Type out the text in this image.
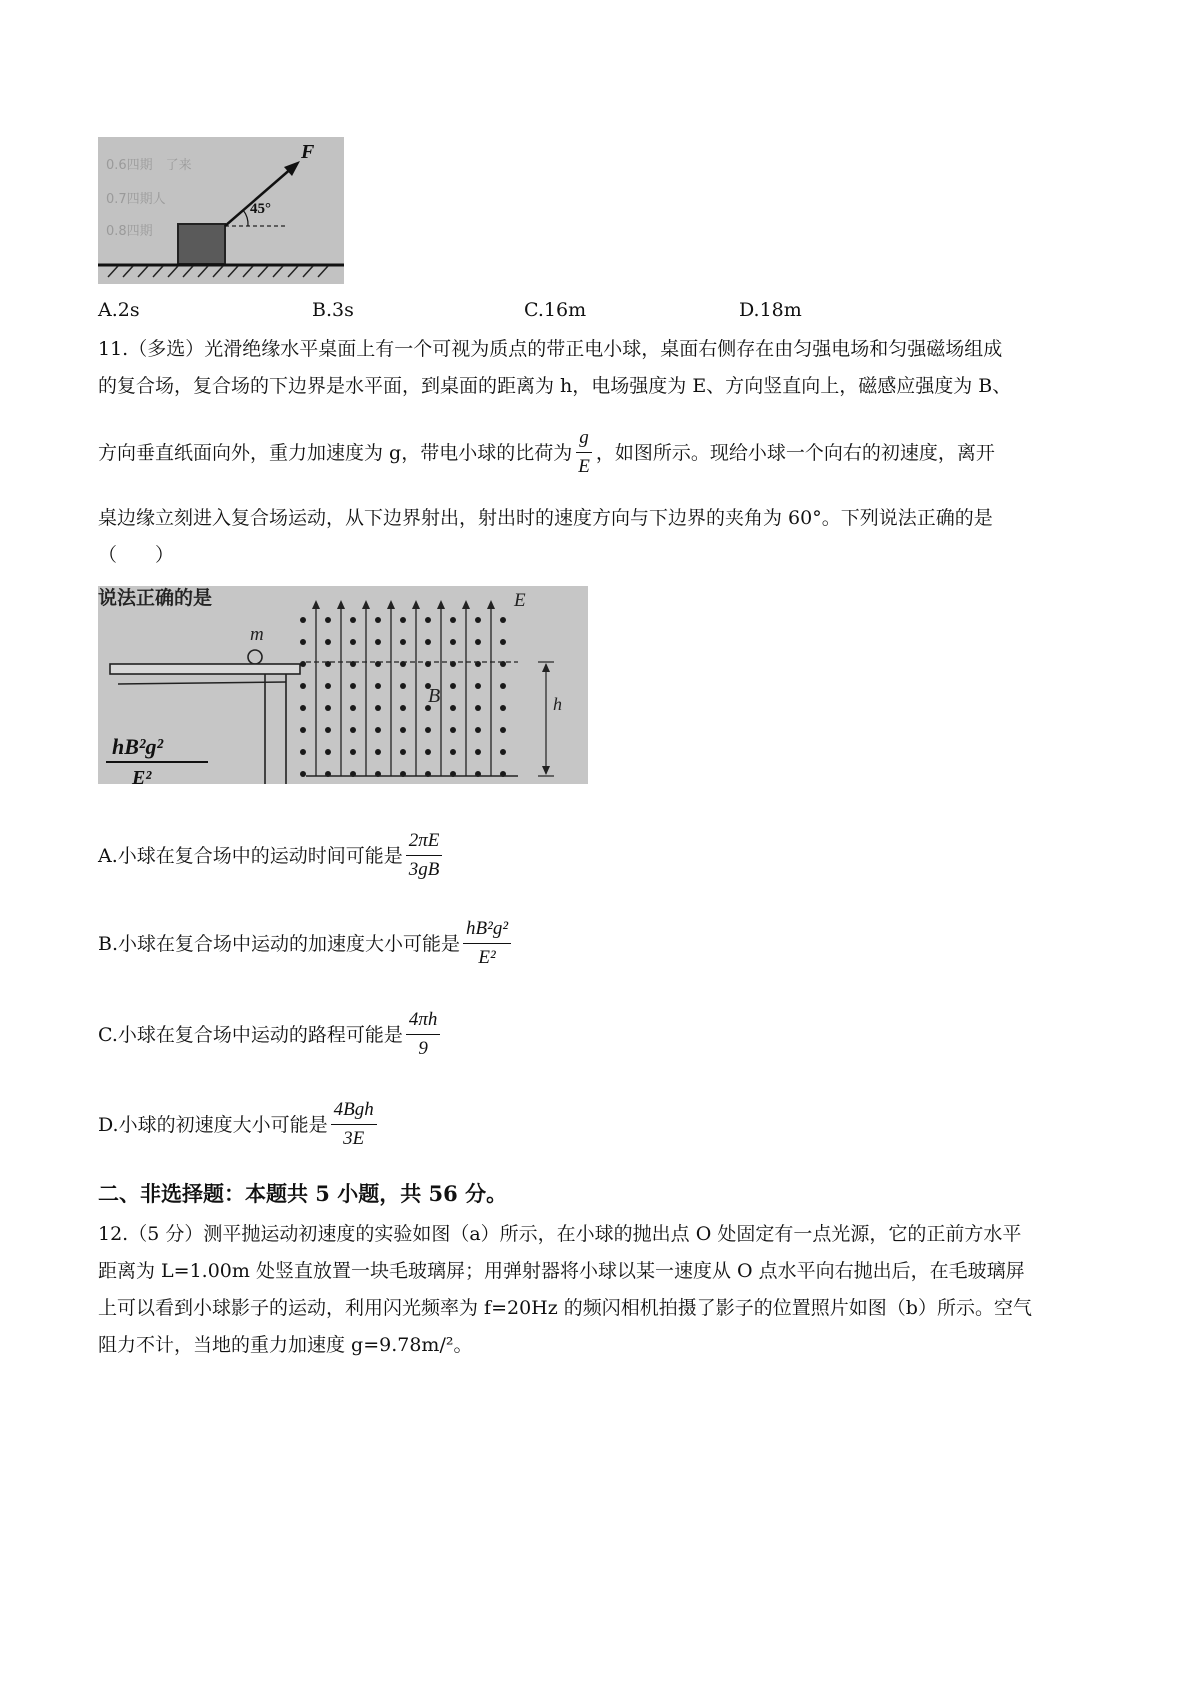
0.6四期　了来
0.7四期人
0.8四期
F
45°
A.2s	B.3s	C.16m	D.18m
11.（多选）光滑绝缘水平桌面上有一个可视为质点的带正电小球，桌面右侧存在由匀强电场和匀强磁场组成
的复合场，复合场的下边界是水平面，到桌面的距离为 h，电场强度为 E、方向竖直向上，磁感应强度为 B、
方向垂直纸面向外，重力加速度为 g，带电小球的比荷为 $\frac{g}{E}$ ，如图所示。现给小球一个向右的初速度，离开
桌边缘立刻进入复合场运动，从下边界射出，射出时的速度方向与下边界的夹角为 60°。下列说法正确的是
（　　）
说法正确的是
m
hB²g²
E²
E
B	h
A.小球在复合场中的运动时间可能是 $\frac{2\pi E}{3gB}$
B.小球在复合场中运动的加速度大小可能是 $\frac{\text{hB²g²}}{\text{E²}}$
C.小球在复合场中运动的路程可能是 $\frac{4\pi h}{9}$
D.小球的初速度大小可能是 $\frac{\text{4Bgh}}{3E}$
二、非选择题：本题共 5 小题，共 56 分。
12.（5 分）测平抛运动初速度的实验如图（a）所示，在小球的抛出点 O 处固定有一点光源，它的正前方水平
距离为 L=1.00m 处竖直放置一块毛玻璃屏；用弹射器将小球以某一速度从 O 点水平向右抛出后，在毛玻璃屏
上可以看到小球影子的运动，利用闪光频率为 f=20Hz 的频闪相机拍摄了影子的位置照片如图（b）所示。空气
阻力不计，当地的重力加速度 g=9.78m/²。
